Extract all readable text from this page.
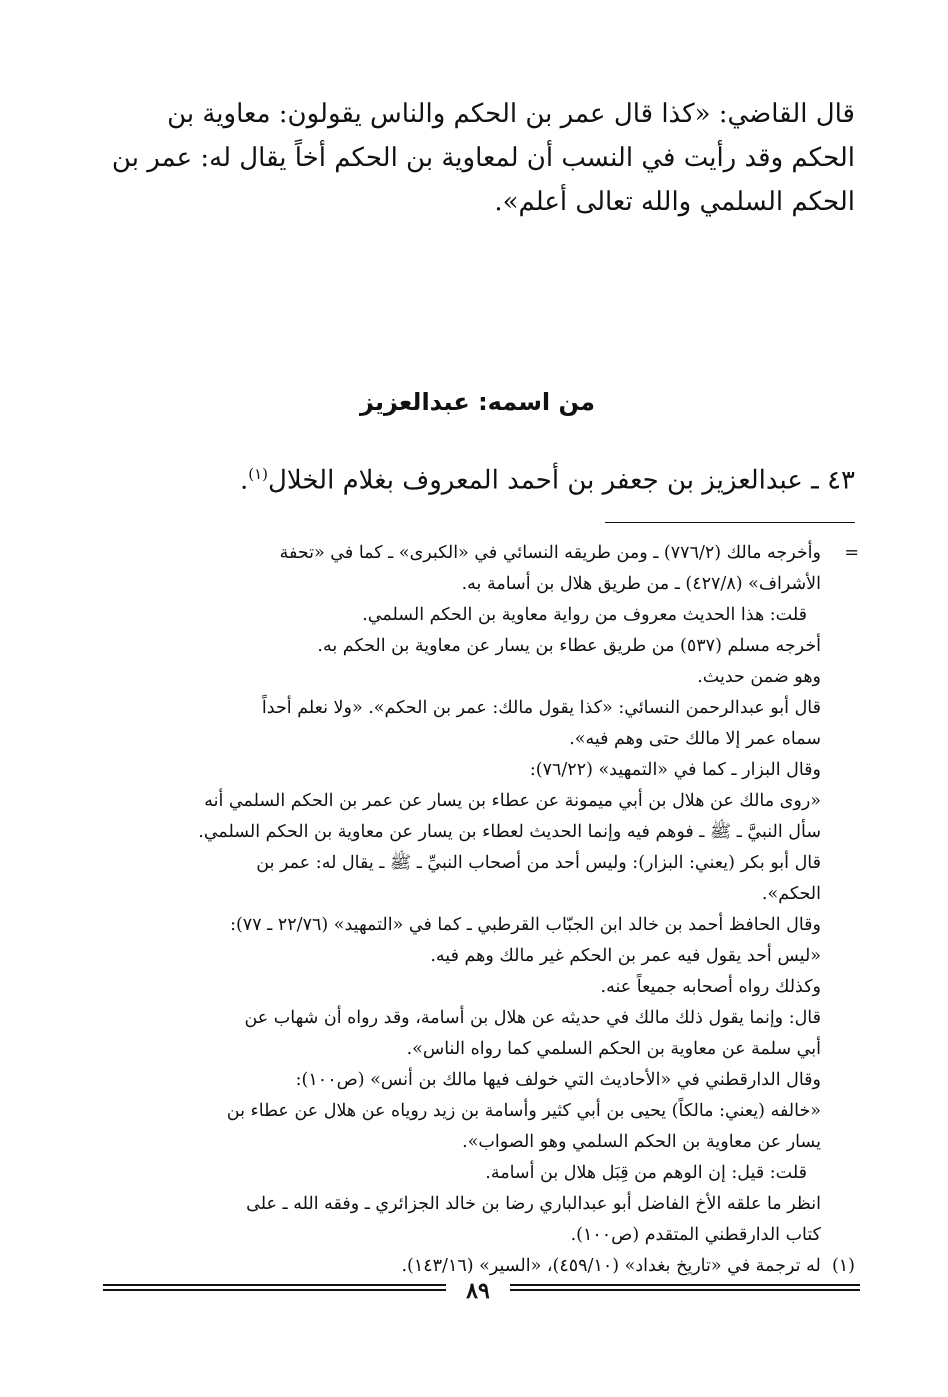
قال القاضي: «كذا قال عمر بن الحكم والناس يقولون: معاوية بن
الحكم وقد رأيت في النسب أن لمعاوية بن الحكم أخاً يقال له: عمر بن
الحكم السلمي والله تعالى أعلم».

من اسمه: عبدالعزيز
٤٣ ـ عبدالعزيز بن جعفر بن أحمد المعروف بغلام الخلال$^{(١)}$.
=
وأخرجه مالك (٧٧٦/٢) ـ ومن طريقه النسائي في «الكبرى» ـ كما في «تحفة
الأشراف» (٤٢٧/٨) ـ من طريق هلال بن أسامة به.
قلت: هذا الحديث معروف من رواية معاوية بن الحكم السلمي.
أخرجه مسلم (٥٣٧) من طريق عطاء بن يسار عن معاوية بن الحكم به.
وهو ضمن حديث.
قال أبو عبدالرحمن النسائي: «كذا يقول مالك: عمر بن الحكم». «ولا نعلم أحداً
سماه عمر إلا مالك حتى وهم فيه».
وقال البزار ـ كما في «التمهيد» (٧٦/٢٢):
«روى مالك عن هلال بن أبي ميمونة عن عطاء بن يسار عن عمر بن الحكم السلمي أنه
سأل النبيَّ ـ ﷺ ـ فوهم فيه وإنما الحديث لعطاء بن يسار عن معاوية بن الحكم السلمي.
قال أبو بكر (يعني: البزار): وليس أحد من أصحاب النبيِّ ـ ﷺ ـ يقال له: عمر بن
الحكم».
وقال الحافظ أحمد بن خالد ابن الجبّاب القرطبي ـ كما في «التمهيد» (٢٢/٧٦ ـ ٧٧):
«ليس أحد يقول فيه عمر بن الحكم غير مالك وهم فيه.
وكذلك رواه أصحابه جميعاً عنه.
قال: وإنما يقول ذلك مالك في حديثه عن هلال بن أسامة، وقد رواه أن شهاب عن
أبي سلمة عن معاوية بن الحكم السلمي كما رواه الناس».
وقال الدارقطني في «الأحاديث التي خولف فيها مالك بن أنس» (ص١٠٠):
«خالفه (يعني: مالكاً) يحيى بن أبي كثير وأسامة بن زيد روياه عن هلال عن عطاء بن
يسار عن معاوية بن الحكم السلمي وهو الصواب».
قلت: قيل: إن الوهم من قِبَل هلال بن أسامة.
انظر ما علقه الأخ الفاضل أبو عبدالباري رضا بن خالد الجزائري ـ وفقه الله ـ على
كتاب الدارقطني المتقدم (ص١٠٠).
(١)  له ترجمة في «تاريخ بغداد» (٤٥٩/١٠)، «السير» (١٤٣/١٦).
٨٩
